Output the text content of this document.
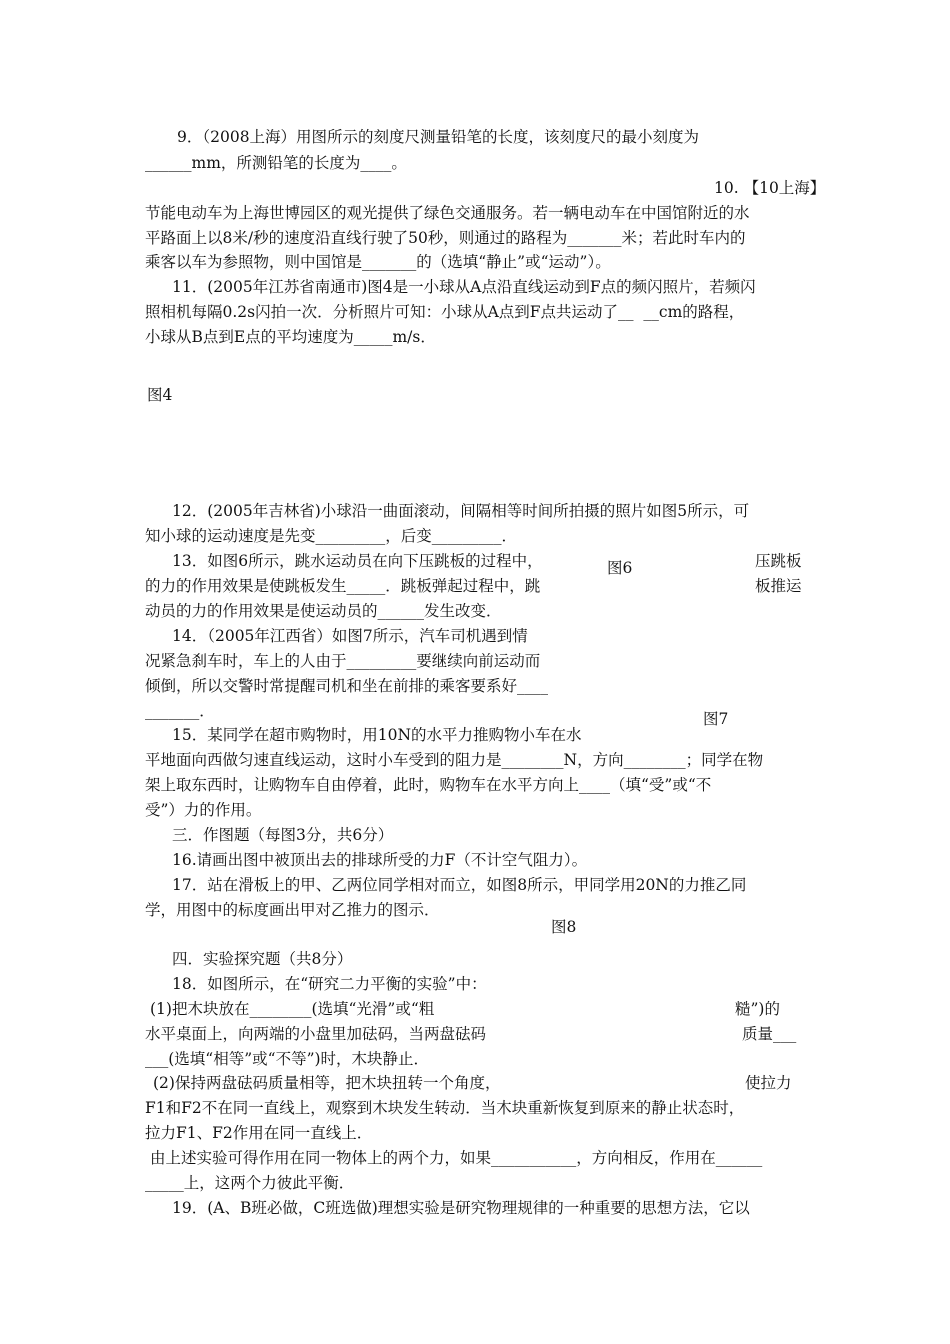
9．（2008上海）用图所示的刻度尺测量铅笔的长度，该刻度尺的最小刻度为
______mm，所测铅笔的长度为____。
10. 【10上海】
节能电动车为上海世博园区的观光提供了绿色交通服务。若一辆电动车在中国馆附近的水
平路面上以8米/秒的速度沿直线行驶了50秒，则通过的路程为_______米；若此时车内的
乘客以车为参照物，则中国馆是_______的（选填“静止”或“运动”）。
11．(2005年江苏省南通市)图4是一小球从A点沿直线运动到F点的频闪照片，若频闪
照相机每隔0.2s闪拍一次．分析照片可知：小球从A点到F点共运动了__  __cm的路程，
小球从B点到E点的平均速度为_____m/s．
图4
12．(2005年吉林省)小球沿一曲面滚动，间隔相等时间所拍摄的照片如图5所示，可
知小球的运动速度是先变_________，后变_________．
13．如图6所示，跳水运动员在向下压跳板的过程中，	图6	压跳板
的力的作用效果是使跳板发生_____．跳板弹起过程中，跳	板推运
动员的力的作用效果是使运动员的______发生改变．
14．（2005年江西省）如图7所示，汽车司机遇到情
况紧急刹车时，车上的人由于_________要继续向前运动而
倾倒，所以交警时常提醒司机和坐在前排的乘客要系好____
_______．	图7
15．某同学在超市购物时，用10N的水平力推购物小车在水
平地面向西做匀速直线运动，这时小车受到的阻力是________N，方向________；同学在物
架上取东西时，让购物车自由停着，此时，购物车在水平方向上____（填“受”或“不
受”）力的作用。
三．作图题（每图3分，共6分）
16.请画出图中被顶出去的排球所受的力F（不计空气阻力）。
17．站在滑板上的甲、乙两位同学相对而立，如图8所示，甲同学用20N的力推乙同
学，用图中的标度画出甲对乙推力的图示．
图8
四．实验探究题（共8分）
18．如图所示，在“研究二力平衡的实验”中：
(1)把木块放在________(选填“光滑”或“粗	糙”)的
水平桌面上，向两端的小盘里加砝码，当两盘砝码	质量___
___(选填“相等”或“不等”)时，木块静止．
(2)保持两盘砝码质量相等，把木块扭转一个角度，	使拉力
F1和F2不在同一直线上，观察到木块发生转动．当木块重新恢复到原来的静止状态时，
拉力F1、F2作用在同一直线上．
由上述实验可得作用在同一物体上的两个力，如果___________，方向相反，作用在______
_____上，这两个力彼此平衡．
19．(A、B班必做，C班选做)理想实验是研究物理规律的一种重要的思想方法，它以
